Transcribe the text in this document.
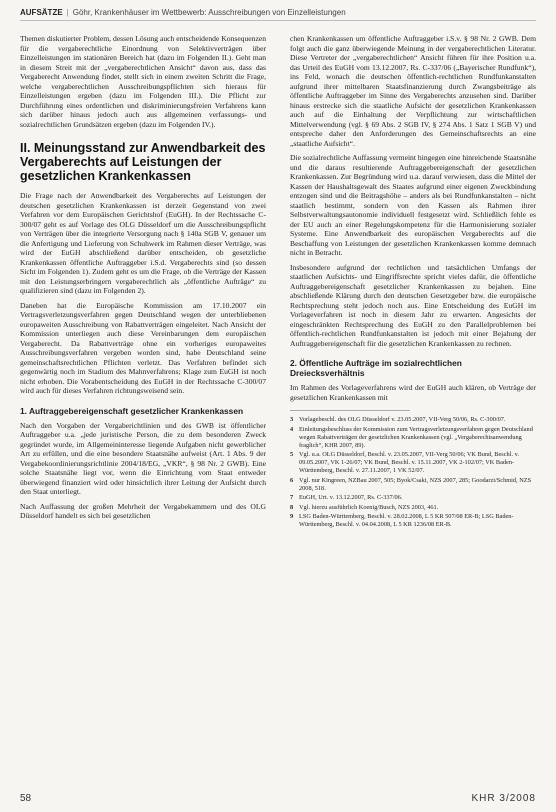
AUFSÄTZE | Göhr, Krankenhäuser im Wettbewerb: Ausschreibungen von Einzelleistungen

Themen diskutierter Problem, dessen Lösung auch entscheidende Konsequenzen für die vergaberechtliche Einordnung von Selektivverträgen über Einzelleistungen im stationären Bereich hat (dazu im Folgenden II.). Geht man in diesem Streit mit der „vergaberechtlichen Ansicht“ davon aus, dass das Vergaberecht Anwendung findet, stellt sich in einem zweiten Schritt die Frage, welche vergaberechtlichen Ausschreibungspflichten sich hieraus für Einzelleistungen ergeben (dazu im Folgenden III.). Die Pflicht zur Durchführung eines ordentlichen und diskriminierungsfreien Verfahrens kann sich darüber hinaus jedoch auch aus allgemeinen verfassungs- und sozialrechtlichen Grundsätzen ergeben (dazu im Folgenden IV.).

II. Meinungsstand zur Anwendbarkeit des Vergaberechts auf Leistungen der gesetzlichen Krankenkassen

Die Frage nach der Anwendbarkeit des Vergaberechts auf Leistungen der deutschen gesetzlichen Krankenkassen ist derzeit Gegenstand von zwei Verfahren vor dem Europäischen Gerichtshof (EuGH). In der Rechtssache C-300/07 geht es auf Vorlage des OLG Düsseldorf um die Ausschreibungspflicht von Verträgen über die integrierte Versorgung nach § 140a SGB V, genauer um die Anfertigung und Lieferung von Schuhwerk im Rahmen dieser Verträge, was wird der EuGH abschließend darüber entscheiden, ob gesetzliche Krankenkassen öffentliche Auftraggeber i.S.d. Vergaberechts sind (so dessen Sicht im Folgenden 1). Zudem geht es um die Frage, ob die Verträge der Kassen mit den Leistungserbringern vergaberechtlich als „öffentliche Aufträge“ zu qualifizieren sind (dazu im Folgenden 2).

Daneben hat die Europäische Kommission am 17.10.2007 ein Vertragsverletzungsverfahren gegen Deutschland wegen der unterbliebenen europaweiten Ausschreibung von Rabattverträgen eingeleitet. Nach Ansicht der Kommission unterliegen auch diese Vereinbarungen dem europäischen Vergaberecht. Da Rabattverträge ohne ein vorheriges europaweites Ausschreibungsverfahren vergeben worden sind, habe Deutschland seine gemeinschaftsrechtlichen Pflichten verletzt. Das Verfahren befindet sich gegenwärtig noch im Stadium des Mahnverfahrens; Klage zum EuGH ist noch nicht erhoben. Die Vorabentscheidung des EuGH in der Rechtssache C-300/07 wird auch für dieses Verfahren richtungsweisend sein.

1. Auftraggebereigenschaft gesetzlicher Krankenkassen

Nach den Vorgaben der Vergaberichtlinien und des GWB ist öffentlicher Auftraggeber u.a. „jede juristische Person, die zu dem besonderen Zweck gegründet wurde, im Allgemeininteresse liegende Aufgaben nicht gewerblicher Art zu erfüllen, und die eine besondere Staatsnähe aufweist (Art. 1 Abs. 9 der Vergabekoordinierungsrichtlinie 2004/18/EG, „VKR“, § 98 Nr. 2 GWB). Eine solche Staatsnähe liegt vor, wenn die Einrichtung vom Staat entweder überwiegend finanziert wird oder hinsichtlich ihrer Leitung der Aufsicht durch den Staat unterliegt.

Nach Auffassung der großen Mehrheit der Vergabekammern und des OLG Düsseldorf handelt es sich bei gesetzlichen

chen Krankenkassen um öffentliche Auftraggeber i.S.v. § 98 Nr. 2 GWB. Dem folgt auch die ganz überwiegende Meinung in der vergaberechtlichen Literatur. Diese Vertreter der „vergaberechtlichen“ Ansicht führen für ihre Position u.a. das Urteil des EuGH vom 13.12.2007, Rs. C-337/06 („Bayerischer Rundfunk“), ins Feld, wonach die deutschen öffentlich-rechtlichen Rundfunkanstalten aufgrund ihrer mittelbaren Staatsfinanzierung durch Zwangsbeiträge als öffentliche Auftraggeber im Sinne des Vergaberechts anzusehen sind. Darüber hinaus erstrecke sich die staatliche Aufsicht der gesetzlichen Krankenkassen auch auf die Einhaltung der Verpflichtung zur wirtschaftlichen Mittelverwendung (vgl. § 69 Abs. 2 SGB IV, § 274 Abs. 1 Satz 1 SGB V) und entspreche daher den Anforderungen des Gemeinschaftsrechts an eine „staatliche Aufsicht“.

Die sozialrechtliche Auffassung vermeint hingegen eine hinreichende Staatsnähe und die daraus resultierende Auftraggebereigenschaft der gesetzlichen Krankenkassen. Zur Begründung wird u.a. darauf verwiesen, dass die Mittel der Kassen der Haushaltsgewalt des Staates aufgrund einer eigenen Zweckbindung entzogen sind und die Beitragshöhe – anders als bei Rundfunkanstalten – nicht staatlich bestimmt, sondern von den Kassen als Rahmen ihrer Selbstverwaltungsautonomie individuell festgesetzt wird. Schließlich fehle es der EU auch an einer Regelungskompetenz für die Harmonisierung sozialer Systeme. Eine Anwendbarkeit des europäischen Vergaberechts auf die Beschaffung von Leistungen der gesetzlichen Krankenkassen komme demnach nicht in Betracht.

Insbesondere aufgrund der rechtlichen und tatsächlichen Umfangs der staatlichen Aufsichts- und Eingriffsrechte spricht vieles dafür, die öffentliche Auftraggebereigenschaft gesetzlicher Krankenkassen zu bejahen. Eine abschließende Klärung durch den deutschen Gesetzgeber bzw. die europäische Rechtsprechung steht jedoch noch aus. Eine Entscheidung des EuGH im Vorlageverfahren ist noch in diesem Jahr zu erwarten. Angesichts der eingeschränkten Rechtsprechung des EuGH zu den Parallelproblemen bei öffentlich-rechtlichen Rundfunkanstalten ist jedoch mit einer Bejahung der Auftraggebereigenschaft für die gesetzlichen Krankenkassen zu rechnen.

2. Öffentliche Aufträge im sozialrechtlichen Dreiecksverhältnis

Im Rahmen des Vorlageverfahrens wird der EuGH auch klären, ob Verträge der gesetzlichen Krankenkassen mit

3 Vorlagebeschl. des OLG Düsseldorf v. 23.05.2007, VII-Verg 50/06, Rs. C-300/07.
4 Einleitungsbeschluss der Kommission zum Vertragsverletzungsverfahren gegen Deutschland wegen Rabattverträgen der gesetzlichen Krankenkassen (vgl. „Vergaberechtsanwendung fraglich“, KHR 2007, 89).
5 Vgl. u.a. OLG Düsseldorf, Beschl. v. 23.05.2007, VII-Verg 50/06; VK Bund, Beschl. v. 09.05.2007, VK 1-26/07; VK Bund, Beschl. v. 15.11.2007, VK 2-102/07; VK Baden-Württemberg, Beschl. v. 27.11.2007, 1 VK 52/07.
6 Vgl. nur Kingreen, NZBau 2007, 505; Byok/Csaki, NZS 2007, 285; Goodarzi/Schmid, NZS 2008, 518.
7 EuGH, Urt. v. 13.12.2007, Rs. C-337/06.
8 Vgl. hierzu ausführlich Koenig/Busch, NZS 2003, 461.
9 LSG Baden-Württemberg, Beschl. v. 28.02.2008, L 5 KR 507/08 ER-B; LSG Baden-Württemberg, Beschl. v. 04.04.2008, L 5 KR 1236/08 ER-B.
58	KHR 3/2008
